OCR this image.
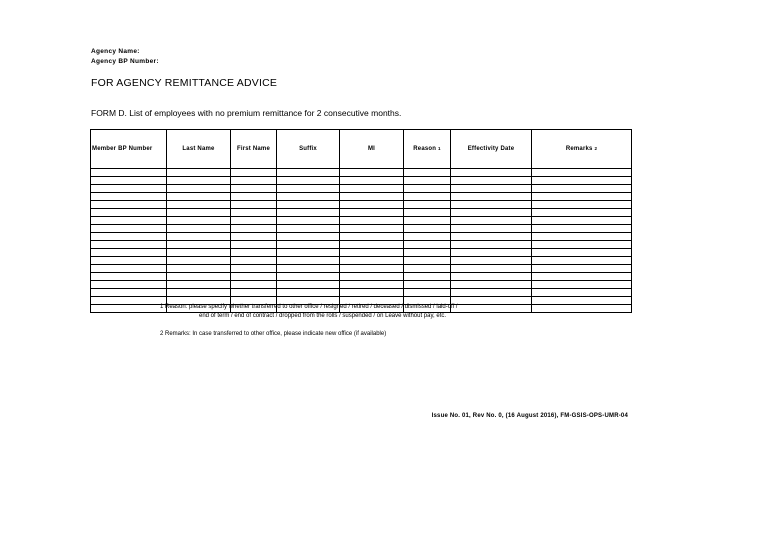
Agency Name:
Agency BP Number:
FOR AGENCY REMITTANCE ADVICE
FORM D. List of employees with no premium remittance for 2 consecutive months.
Member BP Number	Last Name	First Name	Suffix	MI	Reason $^1$	Effectivity Date	Remarks $^2$

1 Reason: please specify whether transferred to other office / resigned / retired / deceased / dismissed / laid-off /

end of term / end of contract / dropped from the rolls / suspended / on Leave without pay, etc.

2 Remarks: In case transferred to other office, please indicate new office (if available)

Issue No. 01, Rev No. 0, (16 August 2016), FM-GSIS-OPS-UMR-04
